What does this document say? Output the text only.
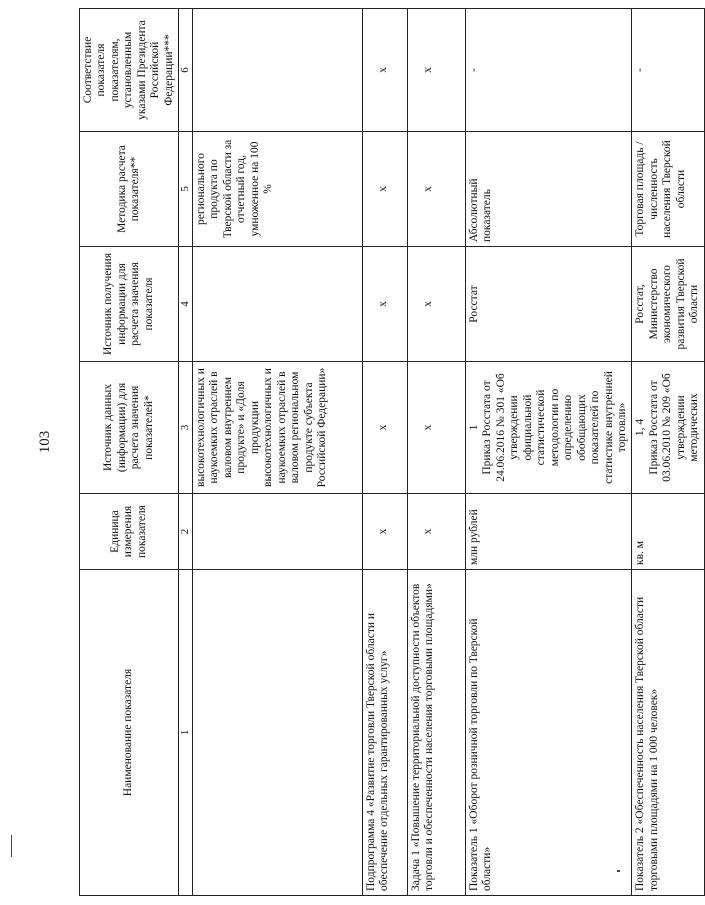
103
Наименование показателя	Единица измерения показателя	Источник данных (информации) для расчета значения показателей*	Источник получения информации для расчета значения показателя	Методика расчета показателя**	Соответствие показателя показателям, установленным указами Президента Российской Федерации***
1	2	3	4	5	6
		высокотехнологичных и наукоемких отраслей в валовом внутреннем продукте» и «Доля продукции высокотехнологичных и наукоемких отраслей в валовом региональном продукте субъекта Российской Федерации»		регионального продукта по Тверской области за отчетный год, умноженное на 100 %	
Подпрограмма 4 «Развитие торговли Тверской области и обеспечение отдельных гарантированных услуг»	x	x	x	x	x
Задача 1 «Повышение территориальной доступности объектов торговли и обеспеченности населения торговыми площадями»	x	x	x	x	x
Показатель 1 «Оборот розничной торговли по Тверской области»	млн рублей	1 Приказ Росстата от 24.06.2016 № 301 «Об утверждении официальной статистической методологии по определению обобщающих показателей по статистике внутренней торговли»	Росстат	Абсолютный показатель	-
Показатель 2 «Обеспеченность населения Тверской области торговыми площадями на 1 000 человек»	кв. м	1, 4 Приказ Росстата от 03.06.2010 № 209 «Об утверждении методических	Росстат, Министерство экономического развития Тверской области	Торговая площадь / численность населения Тверской области	-
